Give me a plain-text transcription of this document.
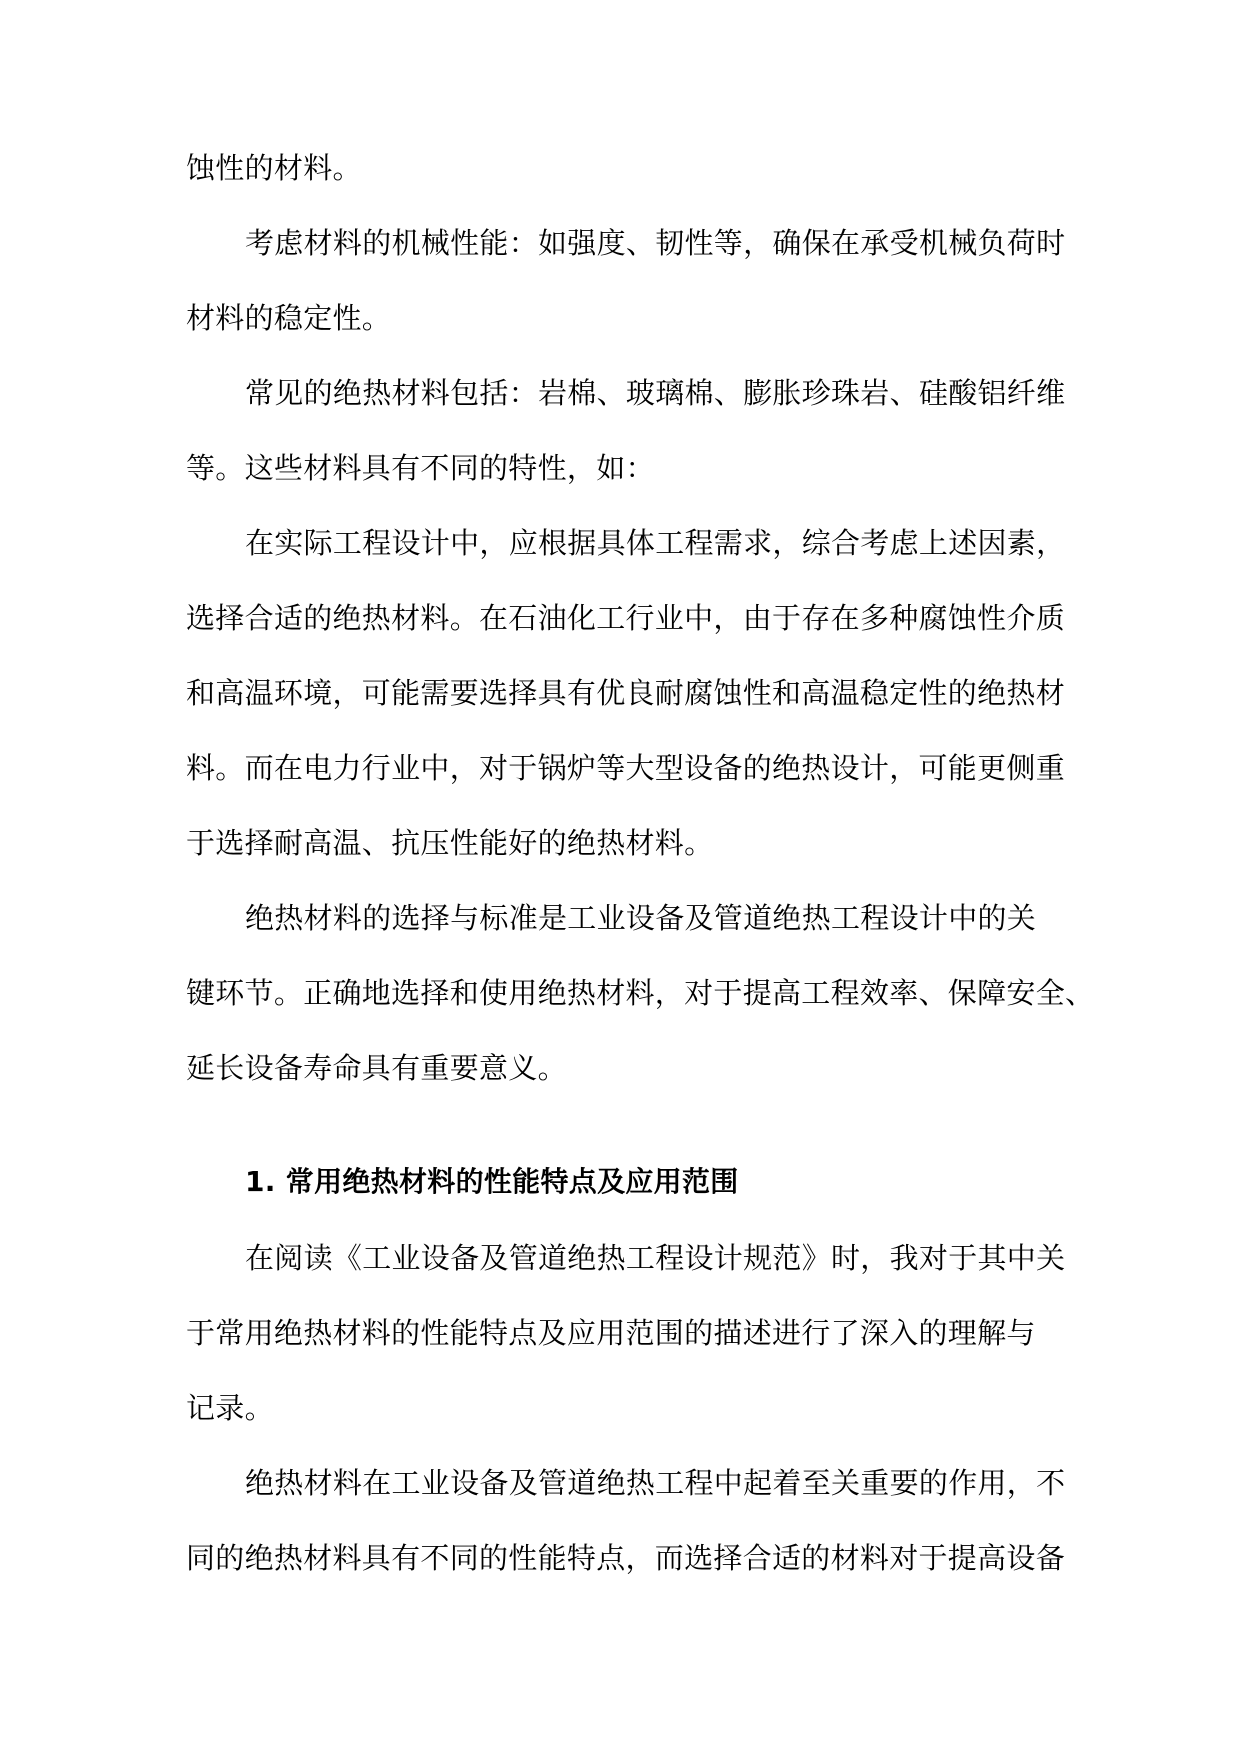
蚀性的材料。
考虑材料的机械性能：如强度、韧性等，确保在承受机械负荷时
材料的稳定性。
常见的绝热材料包括：岩棉、玻璃棉、膨胀珍珠岩、硅酸铝纤维
等。这些材料具有不同的特性，如：
在实际工程设计中，应根据具体工程需求，综合考虑上述因素，
选择合适的绝热材料。在石油化工行业中，由于存在多种腐蚀性介质
和高温环境，可能需要选择具有优良耐腐蚀性和高温稳定性的绝热材
料。而在电力行业中，对于锅炉等大型设备的绝热设计，可能更侧重
于选择耐高温、抗压性能好的绝热材料。
绝热材料的选择与标准是工业设备及管道绝热工程设计中的关
键环节。正确地选择和使用绝热材料，对于提高工程效率、保障安全、
延长设备寿命具有重要意义。
1. 常用绝热材料的性能特点及应用范围
在阅读《工业设备及管道绝热工程设计规范》时，我对于其中关
于常用绝热材料的性能特点及应用范围的描述进行了深入的理解与
记录。
绝热材料在工业设备及管道绝热工程中起着至关重要的作用，不
同的绝热材料具有不同的性能特点，而选择合适的材料对于提高设备
